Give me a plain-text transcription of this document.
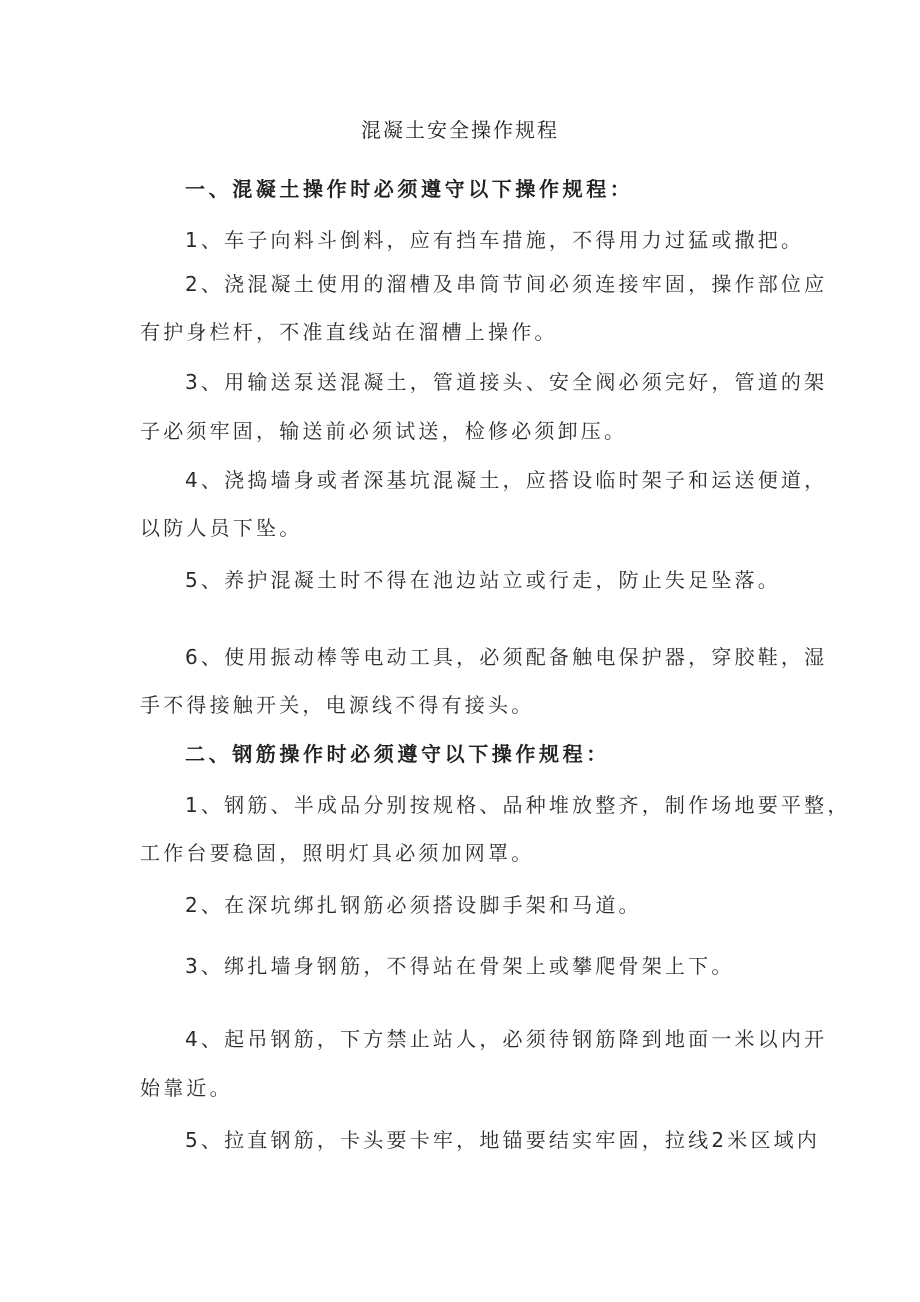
混凝土安全操作规程
一、混凝土操作时必须遵守以下操作规程：
1、车子向料斗倒料，应有挡车措施，不得用力过猛或撒把。
2、浇混凝土使用的溜槽及串筒节间必须连接牢固，操作部位应
有护身栏杆，不准直线站在溜槽上操作。
3、用输送泵送混凝土，管道接头、安全阀必须完好，管道的架
子必须牢固，输送前必须试送，检修必须卸压。
4、浇捣墙身或者深基坑混凝土，应搭设临时架子和运送便道，
以防人员下坠。
5、养护混凝土时不得在池边站立或行走，防止失足坠落。
6、使用振动棒等电动工具，必须配备触电保护器，穿胶鞋，湿
手不得接触开关，电源线不得有接头。
二、钢筋操作时必须遵守以下操作规程：
1、钢筋、半成品分别按规格、品种堆放整齐，制作场地要平整，
工作台要稳固，照明灯具必须加网罩。
2、在深坑绑扎钢筋必须搭设脚手架和马道。
3、绑扎墙身钢筋，不得站在骨架上或攀爬骨架上下。
4、起吊钢筋，下方禁止站人，必须待钢筋降到地面一米以内开
始靠近。
5、拉直钢筋，卡头要卡牢，地锚要结实牢固，拉线2米区域内
